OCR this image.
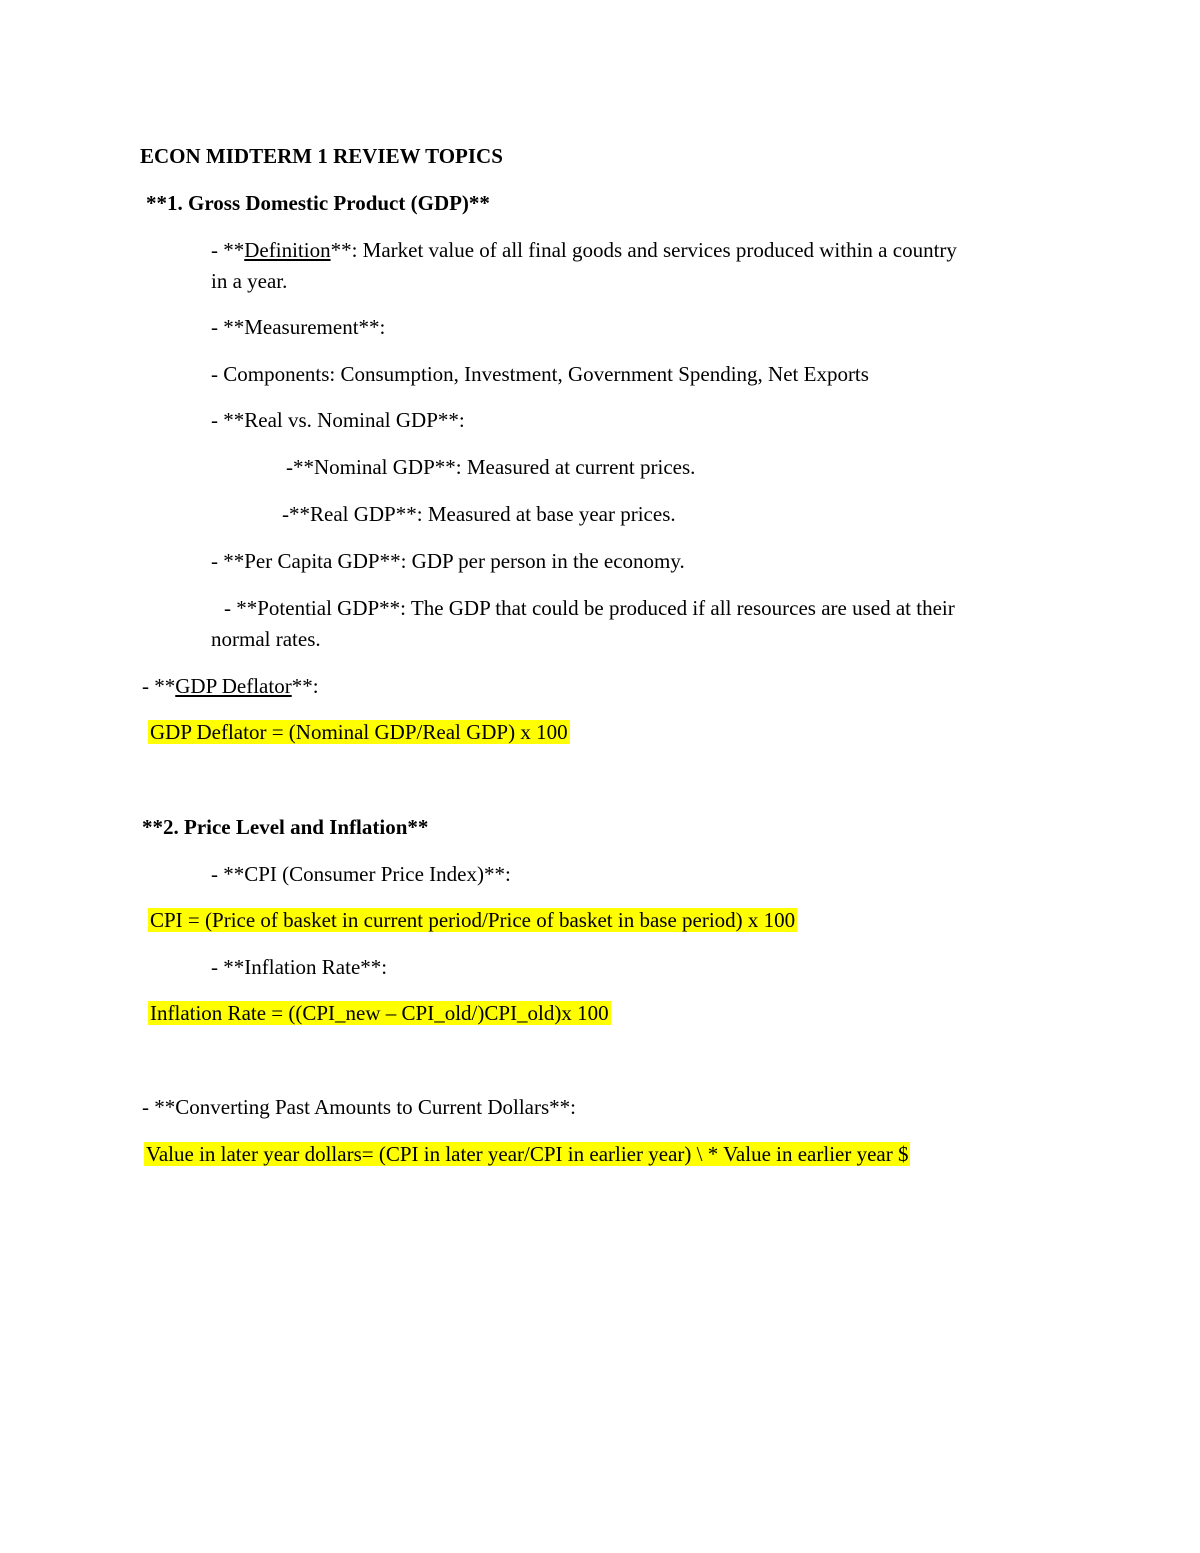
ECON MIDTERM 1 REVIEW TOPICS
**1. Gross Domestic Product (GDP)**
- **Definition**: Market value of all final goods and services produced within a country
in a year.
- **Measurement**:
- Components: Consumption, Investment, Government Spending, Net Exports
- **Real vs. Nominal GDP**:
-**Nominal GDP**: Measured at current prices.
-**Real GDP**: Measured at base year prices.
- **Per Capita GDP**: GDP per person in the economy.
- **Potential GDP**: The GDP that could be produced if all resources are used at their
normal rates.
- **GDP Deflator**:
GDP Deflator = (Nominal GDP/Real GDP) x 100
**2. Price Level and Inflation**
- **CPI (Consumer Price Index)**:
CPI = (Price of basket in current period/Price of basket in base period) x 100
- **Inflation Rate**:
Inflation Rate = ((CPI_new – CPI_old/)CPI_old)x 100
- **Converting Past Amounts to Current Dollars**:
Value in later year dollars= (CPI in later year/CPI in earlier year) \ * Value in earlier year $
